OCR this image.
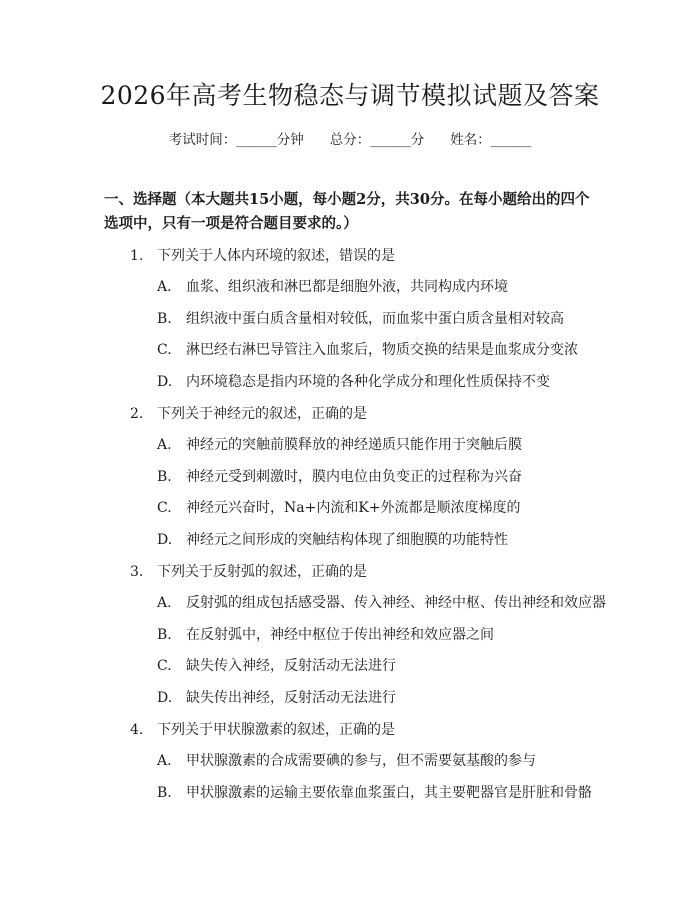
2026年高考生物稳态与调节模拟试题及答案
考试时间：______分钟 总分：______分 姓名：______
一、选择题（本大题共15小题，每小题2分，共30分。在每小题给出的四个选项中，只有一项是符合题目要求的。）
1. 下列关于人体内环境的叙述，错误的是
A.	血浆、组织液和淋巴都是细胞外液，共同构成内环境
B.	组织液中蛋白质含量相对较低，而血浆中蛋白质含量相对较高
C.	淋巴经右淋巴导管注入血浆后，物质交换的结果是血浆成分变浓
D. 内环境稳态是指内环境的各种化学成分和理化性质保持不变
2. 下列关于神经元的叙述，正确的是
A.	神经元的突触前膜释放的神经递质只能作用于突触后膜
B.	神经元受到刺激时，膜内电位由负变正的过程称为兴奋
C.	神经元兴奋时，Na+内流和K+外流都是顺浓度梯度的
D. 神经元之间形成的突触结构体现了细胞膜的功能特性
3. 下列关于反射弧的叙述，正确的是
A.	反射弧的组成包括感受器、传入神经、神经中枢、传出神经和效应器
B.	在反射弧中，神经中枢位于传出神经和效应器之间
C.	缺失传入神经，反射活动无法进行
D. 缺失传出神经，反射活动无法进行
4. 下列关于甲状腺激素的叙述，正确的是
A.	甲状腺激素的合成需要碘的参与，但不需要氨基酸的参与
B.	甲状腺激素的运输主要依靠血浆蛋白，其主要靶器官是肝脏和骨骼
